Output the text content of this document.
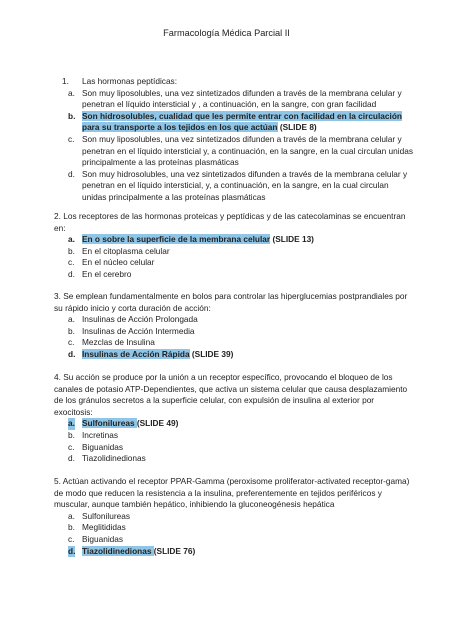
Farmacología Médica Parcial II
1. Las hormonas peptídicas:
a. Son muy liposolubles, una vez sintetizados difunden a través de la membrana celular y penetran el líquido intersticial y , a continuación, en la sangre, con gran facilidad
b. Son hidrosolubles, cualidad que les permite entrar con facilidad en la circulación para su transporte a los tejidos en los que actúan (SLIDE 8)
c. Son muy liposolubles, una vez sintetizados difunden a través de la membrana celular y penetran en el líquido intersticial y, a continuación, en la sangre, en la cual circulan unidas principalmente a las proteínas plasmáticas
d. Son muy hidrosolubles, una vez sintetizados difunden a través de la membrana celular y penetran en el líquido intersticial, y, a continuación, en la sangre, en la cual circulan unidas principalmente a las proteínas plasmáticas
2. Los receptores de las hormonas proteicas y peptídicas y de las catecolaminas se encuentran en:
a. En o sobre la superficie de la membrana celular (SLIDE 13)
b. En el citoplasma celular
c. En el núcleo celular
d. En el cerebro
3. Se emplean fundamentalmente en bolos para controlar las hiperglucemias postprandiales por su rápido inicio y corta duración de acción:
a. Insulinas de Acción Prolongada
b. Insulinas de Acción Intermedia
c. Mezclas de Insulina
d. Insulinas de Acción Rápida (SLIDE 39)
4. Su acción se produce por la unión a un receptor específico, provocando el bloqueo de los canales de potasio ATP-Dependientes, que activa un sistema celular que causa desplazamiento de los gránulos secretos a la superficie celular, con expulsión de insulina al exterior por exocitosis:
a. Sulfonilureas (SLIDE 49)
b. Incretinas
c. Biguanidas
d. Tiazolidinedionas
5. Actúan activando el receptor PPAR-Gamma (peroxisome proliferator-activated receptor-gama) de modo que reducen la resistencia a la insulina, preferentemente en tejidos periféricos y muscular, aunque también hepático, inhibiendo la gluconeogénesis hepática
a. Sulfonilureas
b. Meglitididas
c. Biguanidas
d. Tiazolidinedionas (SLIDE 76)
